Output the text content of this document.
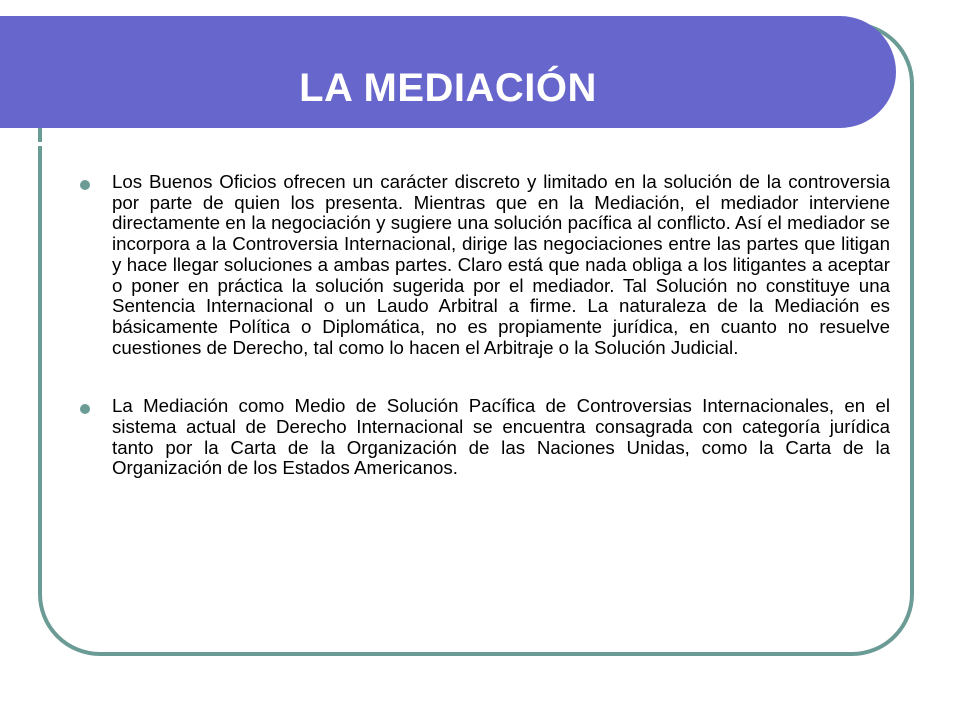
LA MEDIACIÓN

Los Buenos Oficios ofrecen un carácter discreto y limitado en la solución de la controversia por parte de quien los presenta. Mientras que en la Mediación, el mediador interviene directamente en la negociación y sugiere una solución pacífica al conflicto. Así el mediador se incorpora a la Controversia Internacional, dirige las negociaciones entre las partes que litigan y hace llegar soluciones a ambas partes. Claro está que nada obliga a los litigantes a aceptar o poner en práctica la solución sugerida por el mediador. Tal Solución no constituye una Sentencia Internacional o un Laudo Arbitral a firme. La naturaleza de la Mediación es básicamente Política o Diplomática, no es propiamente jurídica, en cuanto no resuelve cuestiones de Derecho, tal como lo hacen el Arbitraje o la Solución Judicial.

La Mediación como Medio de Solución Pacífica de Controversias Internacionales, en el sistema actual de Derecho Internacional se encuentra consagrada con categoría jurídica tanto por la Carta de la Organización de las Naciones Unidas, como la Carta de la Organización de los Estados Americanos.
